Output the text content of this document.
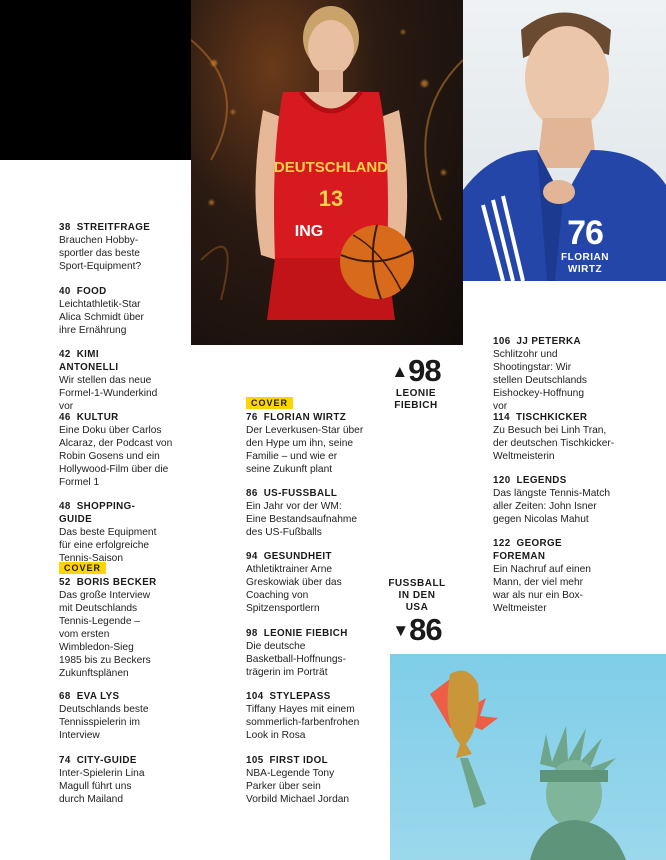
DEUTSCHLAND
13
ING	76
FLORIAN WIRTZ
▲98
LEONIE FIEBICH
FUSSBALL IN DEN USA
▼86
COVER
COVER
38 STREITFRAGE
Brauchen Hobby-sportler das beste Sport-Equipment?
40 FOOD
Leichtathletik-Star Alica Schmidt über ihre Ernährung
42 KIMI ANTONELLI
Wir stellen das neue Formel-1-Wunderkind vor
46 KULTUR
Eine Doku über Carlos Alcaraz, der Podcast von Robin Gosens und ein Hollywood-Film über die Formel 1
48 SHOPPING-GUIDE
Das beste Equipment für eine erfolgreiche Tennis-Saison
52 BORIS BECKER
Das große Interview mit Deutschlands Tennis-Legende – vom ersten Wimbledon-Sieg 1985 bis zu Beckers Zukunftsplänen
68 EVA LYS
Deutschlands beste Tennisspielerin im Interview
74 CITY-GUIDE
Inter-Spielerin Lina Magull führt uns durch Mailand
76 FLORIAN WIRTZ
Der Leverkusen-Star über den Hype um ihn, seine Familie – und wie er seine Zukunft plant
86 US-FUSSBALL
Ein Jahr vor der WM: Eine Bestandsaufnahme des US-Fußballs
94 GESUNDHEIT
Athletiktrainer Arne Greskowiak über das Coaching von Spitzensportlern
98 LEONIE FIEBICH
Die deutsche Basketball-Hoffnungs-trägerin im Porträt
104 STYLEPASS
Tiffany Hayes mit einem sommerlich-farbenfrohen Look in Rosa
105 FIRST IDOL
NBA-Legende Tony Parker über sein Vorbild Michael Jordan
106 JJ PETERKA
Schlitzohr und Shootingstar: Wir stellen Deutschlands Eishockey-Hoffnung vor
114 TISCHKICKER
Zu Besuch bei Linh Tran, der deutschen Tischkicker-Weltmeisterin
120 LEGENDS
Das längste Tennis-Match aller Zeiten: John Isner gegen Nicolas Mahut
122 GEORGE FOREMAN
Ein Nachruf auf einen Mann, der viel mehr war als nur ein Box-Weltmeister
